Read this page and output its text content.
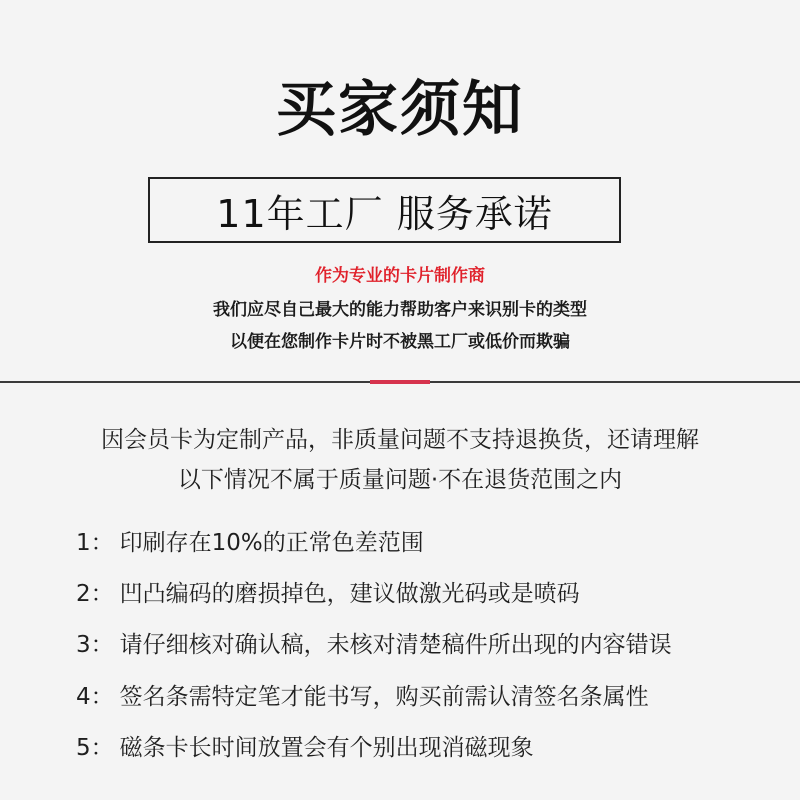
买家须知
11年工厂 服务承诺
作为专业的卡片制作商
我们应尽自己最大的能力帮助客户来识别卡的类型
以便在您制作卡片时不被黑工厂或低价而欺骗
因会员卡为定制产品，非质量问题不支持退换货，还请理解
以下情况不属于质量问题·不在退货范围之内
1： 印刷存在10%的正常色差范围
2： 凹凸编码的磨损掉色，建议做激光码或是喷码
3： 请仔细核对确认稿，未核对清楚稿件所出现的内容错误
4： 签名条需特定笔才能书写，购买前需认清签名条属性
5： 磁条卡长时间放置会有个别出现消磁现象
